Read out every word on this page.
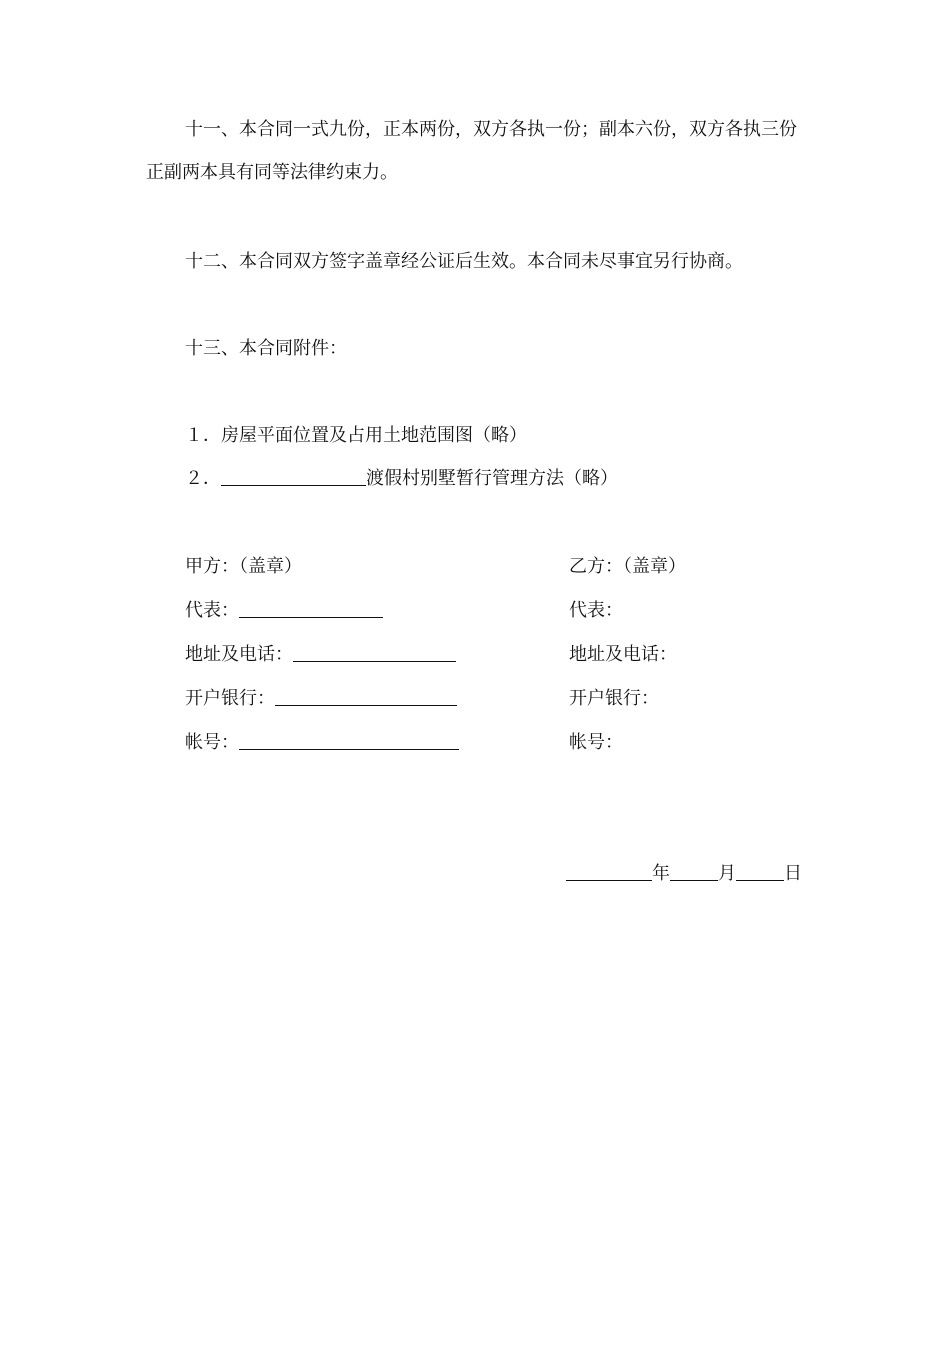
十一、本合同一式九份，正本两份，双方各执一份；副本六份，双方各执三份
正副两本具有同等法律约束力。
十二、本合同双方签字盖章经公证后生效。本合同未尽事宜另行协商。
十三、本合同附件：
１．房屋平面位置及占用土地范围图（略）
２．	渡假村别墅暂行管理方法（略）
甲方：（盖章）
代表：
地址及电话：
开户银行：
帐号：
乙方：（盖章）
代表：
地址及电话：
开户银行：
帐号：
年	月	日
